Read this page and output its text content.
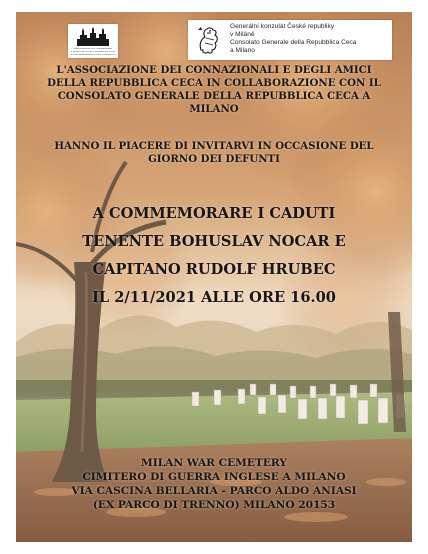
ASSOCIAZIONE DEI CONNAZIONALI
E DEGLI AMICI DELLA REPUBBLICA CECA
IN COLLABORAZIONE CON IL CONSOLATO
Generální konzulát České republiky
v Miláně
Consolato Generale della Repubblica Ceca
a Milano
L'ASSOCIAZIONE DEI CONNAZIONALI E DEGLI AMICI
DELLA REPUBBLICA CECA IN COLLABORAZIONE CON IL
CONSOLATO GENERALE DELLA REPUBBLICA CECA A
MILANO
HANNO IL PIACERE DI INVITARVI IN OCCASIONE DEL
GIORNO DEI DEFUNTI
A COMMEMORARE I CADUTI
TENENTE BOHUSLAV NOCAR E
CAPITANO RUDOLF HRUBEC
IL 2/11/2021 ALLE ORE 16.00
MILAN WAR CEMETERY
CIMITERO DI GUERRA INGLESE A MILANO
VIA CASCINA BELLARIA - PARCO ALDO ANIASI
(EX PARCO DI TRENNO) MILANO 20153
